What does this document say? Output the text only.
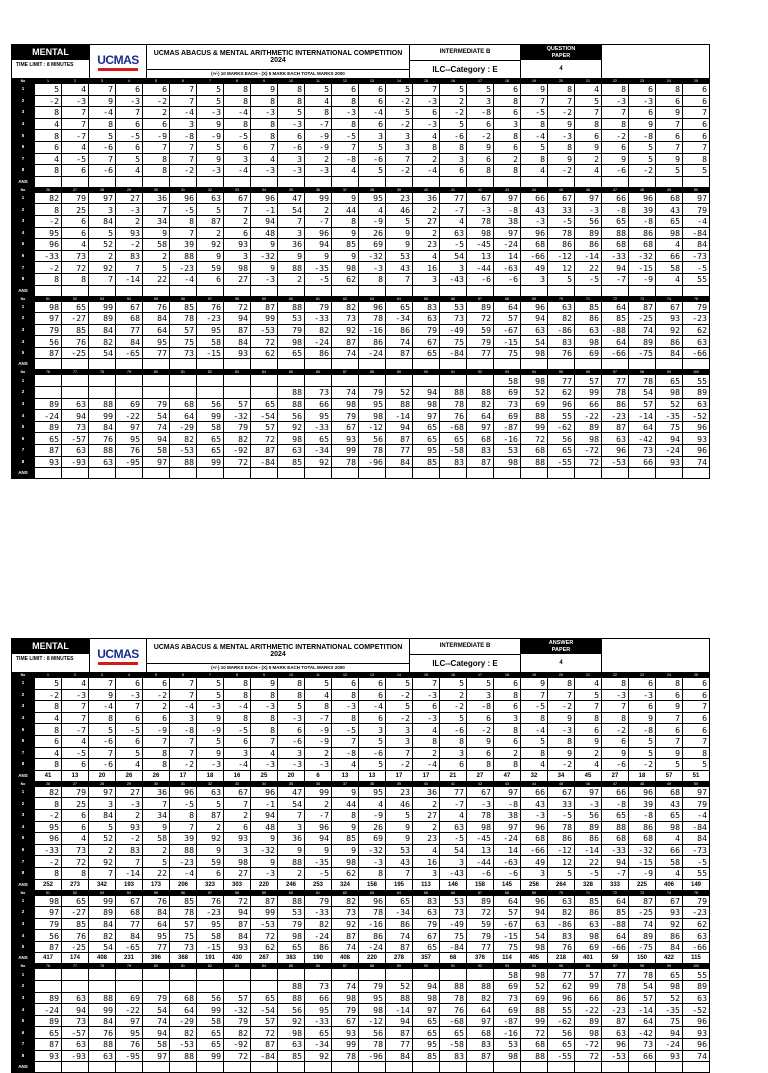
MENTAL
TIME LIMIT : 8 MINUTES	UCMAS	UCMAS ABACUS & MENTAL ARITHMETIC INTERNATIONAL COMPETITION 2024
(+/-) 10 MARKS EACH - (X) 5 MARK EACH TOTAL MARKS 2000
INTERMEDIATE B
ILC--Category : E
QUESTION
PAPER
4
No	1	2	3	4	5	6	7	8	9	10	11	12	13	14	15	16	17	18	19	20	21	22	23	24	25
1	5	4	7	6	6	7	5	8	9	8	5	6	6	5	7	5	5	6	9	8	4	8	6	8	6
2	-2	-3	9	-3	-2	7	5	8	8	8	4	8	6	-2	-3	2	3	8	7	7	5	-3	-3	6	6
3	8	7	-4	7	2	-4	-3	-4	-3	5	8	-3	-4	5	6	-2	-8	6	-5	-2	7	7	6	9	7
4	4	7	8	6	6	3	9	8	8	-3	-7	8	6	-2	-3	5	6	3	8	9	8	8	9	7	6
5	8	-7	5	-5	-9	-8	-9	-5	8	6	-9	-5	3	3	4	-6	-2	8	-4	-3	6	-2	-8	6	6
6	6	4	-6	6	7	7	5	6	7	-6	-9	7	5	3	8	8	9	6	5	8	9	6	5	7	7
7	4	-5	7	5	8	7	9	3	4	3	2	-8	-6	7	2	3	6	2	8	9	2	9	5	9	8
8	8	6	-6	4	8	-2	-3	-4	-3	-3	-3	4	5	-2	-4	6	8	8	4	-2	4	-6	-2	5	5
ANS																									
No	26	27	28	29	30	31	32	33	34	35	36	37	38	39	40	41	42	43	44	45	46	47	48	49	50
1	82	79	97	27	36	96	63	67	96	47	99	9	95	23	36	77	67	97	66	67	97	66	96	68	97
2	8	25	3	-3	7	-5	5	7	-1	54	2	44	4	46	2	-7	-3	-8	43	33	-3	-8	39	43	79
3	-2	6	84	2	34	8	87	2	94	7	-7	8	-9	5	27	4	78	38	-3	-5	56	65	-8	65	-4
4	95	6	5	93	9	7	2	6	48	3	96	9	26	9	2	63	98	97	96	78	89	88	86	98	-84
5	96	4	52	-2	58	39	92	93	9	36	94	85	69	9	23	-5	-45	-24	68	86	86	68	68	4	84
6	-33	73	2	83	2	88	9	3	-32	9	9	9	-32	53	4	54	13	14	-66	-12	-14	-33	-32	66	-73
7	-2	72	92	7	5	-23	59	98	9	88	-35	98	-3	43	16	3	-44	-63	49	12	22	94	-15	58	-5
8	8	8	7	-14	22	-4	6	27	-3	2	-5	62	8	7	3	-43	-6	-6	3	5	-5	-7	-9	4	55
ANS																									
No	51	52	53	54	55	56	57	58	59	60	61	62	63	64	65	66	67	68	69	70	71	72	73	74	75
1	98	65	99	67	76	85	76	72	87	88	79	82	96	65	83	53	89	64	96	63	85	64	87	67	79
2	97	-27	89	68	84	78	-23	94	99	53	-33	73	78	-34	63	73	72	57	94	82	86	85	-25	93	-23
3	79	85	84	77	64	57	95	87	-53	79	82	92	-16	86	79	-49	59	-67	63	-86	63	-88	74	92	62
4	56	76	82	84	95	75	58	84	72	98	-24	87	86	74	67	75	79	-15	54	83	98	64	89	86	63
5	87	-25	54	-65	77	73	-15	93	62	65	86	74	-24	87	65	-84	77	75	98	76	69	-66	-75	84	-66
ANS																									
No	76	77	78	79	80	81	82	83	84	85	86	87	88	89	90	91	92	93	94	95	96	97	98	99	100
1																		58	98	77	57	77	78	65	55
2										88	73	74	79	52	94	88	88	69	52	62	99	78	54	98	89
3	89	63	88	69	79	68	56	57	65	88	66	98	95	88	98	78	82	73	69	96	66	86	57	52	63
4	-24	94	99	-22	54	64	99	-32	-54	56	95	79	98	-14	97	76	64	69	88	55	-22	-23	-14	-35	-52
5	89	73	84	97	74	-29	58	79	57	92	-33	67	-12	94	65	-68	97	-87	99	-62	89	87	64	75	96
6	65	-57	76	95	94	82	65	82	72	98	65	93	56	87	65	65	68	-16	72	56	98	63	-42	94	93
7	87	63	88	76	58	-53	65	-92	87	63	-34	99	78	77	95	-58	83	53	68	65	-72	96	73	-24	96
8	93	-93	63	-95	97	88	99	72	-84	85	92	78	-96	84	85	83	87	98	88	-55	72	-53	66	93	74
ANS																									
MENTAL
TIME LIMIT : 8 MINUTES	UCMAS	UCMAS ABACUS & MENTAL ARITHMETIC INTERNATIONAL COMPETITION 2024
(+/-) 10 MARKS EACH - (X) 5 MARK EACH TOTAL MARKS 2000
INTERMEDIATE B
ILC--Category : E
ANSWER
PAPER
4
No	1	2	3	4	5	6	7	8	9	10	11	12	13	14	15	16	17	18	19	20	21	22	23	24	25
1	5	4	7	6	6	7	5	8	9	8	5	6	6	5	7	5	5	6	9	8	4	8	6	8	6
2	-2	-3	9	-3	-2	7	5	8	8	8	4	8	6	-2	-3	2	3	8	7	7	5	-3	-3	6	6
3	8	7	-4	7	2	-4	-3	-4	-3	5	8	-3	-4	5	6	-2	-8	6	-5	-2	7	7	6	9	7
4	4	7	8	6	6	3	9	8	8	-3	-7	8	6	-2	-3	5	6	3	8	9	8	8	9	7	6
5	8	-7	5	-5	-9	-8	-9	-5	8	6	-9	-5	3	3	4	-6	-2	8	-4	-3	6	-2	-8	6	6
6	6	4	-6	6	7	7	5	6	7	-6	-9	7	5	3	8	8	9	6	5	8	9	6	5	7	7
7	4	-5	7	5	8	7	9	3	4	3	2	-8	-6	7	2	3	6	2	8	9	2	9	5	9	8
8	8	6	-6	4	8	-2	-3	-4	-3	-3	-3	4	5	-2	-4	6	8	8	4	-2	4	-6	-2	5	5
ANS	41	13	20	26	26	17	18	16	25	20	6	13	13	17	17	21	27	47	32	34	45	27	18	57	51
No	26	27	28	29	30	31	32	33	34	35	36	37	38	39	40	41	42	43	44	45	46	47	48	49	50
1	82	79	97	27	36	96	63	67	96	47	99	9	95	23	36	77	67	97	66	67	97	66	96	68	97
2	8	25	3	-3	7	-5	5	7	-1	54	2	44	4	46	2	-7	-3	-8	43	33	-3	-8	39	43	79
3	-2	6	84	2	34	8	87	2	94	7	-7	8	-9	5	27	4	78	38	-3	-5	56	65	-8	65	-4
4	95	6	5	93	9	7	2	6	48	3	96	9	26	9	2	63	98	97	96	78	89	88	86	98	-84
5	96	4	52	-2	58	39	92	93	9	36	94	85	69	9	23	-5	-45	-24	68	86	86	68	68	4	84
6	-33	73	2	83	2	88	9	3	-32	9	9	9	-32	53	4	54	13	14	-66	-12	-14	-33	-32	66	-73
7	-2	72	92	7	5	-23	59	98	9	88	-35	98	-3	43	16	3	-44	-63	49	12	22	94	-15	58	-5
8	8	8	7	-14	22	-4	6	27	-3	2	-5	62	8	7	3	-43	-6	-6	3	5	-5	-7	-9	4	55
ANS	252	273	342	193	173	206	323	303	220	246	253	324	158	195	113	146	158	145	256	264	328	333	225	406	149
No	51	52	53	54	55	56	57	58	59	60	61	62	63	64	65	66	67	68	69	70	71	72	73	74	75
1	98	65	99	67	76	85	76	72	87	88	79	82	96	65	83	53	89	64	96	63	85	64	87	67	79
2	97	-27	89	68	84	78	-23	94	99	53	-33	73	78	-34	63	73	72	57	94	82	86	85	-25	93	-23
3	79	85	84	77	64	57	95	87	-53	79	82	92	-16	86	79	-49	59	-67	63	-86	63	-88	74	92	62
4	56	76	82	84	95	75	58	84	72	98	-24	87	86	74	67	75	79	-15	54	83	98	64	89	86	63
5	87	-25	54	-65	77	73	-15	93	62	65	86	74	-24	87	65	-84	77	75	98	76	69	-66	-75	84	-66
ANS	417	174	408	231	396	368	191	430	267	383	190	408	220	278	357	68	376	114	405	218	401	59	150	422	115
No	76	77	78	79	80	81	82	83	84	85	86	87	88	89	90	91	92	93	94	95	96	97	98	99	100
1																		58	98	77	57	77	78	65	55
2										88	73	74	79	52	94	88	88	69	52	62	99	78	54	98	89
3	89	63	88	69	79	68	56	57	65	88	66	98	95	88	98	78	82	73	69	96	66	86	57	52	63
4	-24	94	99	-22	54	64	99	-32	-54	56	95	79	98	-14	97	76	64	69	88	55	-22	-23	-14	-35	-52
5	89	73	84	97	74	-29	58	79	57	92	-33	67	-12	94	65	-68	97	-87	99	-62	89	87	64	75	96
6	65	-57	76	95	94	82	65	82	72	98	65	93	56	87	65	65	68	-16	72	56	98	63	-42	94	93
7	87	63	88	76	58	-53	65	-92	87	63	-34	99	78	77	95	-58	83	53	68	65	-72	96	73	-24	96
8	93	-93	63	-95	97	88	99	72	-84	85	92	78	-96	84	85	83	87	98	88	-55	72	-53	66	93	74
ANS																									
